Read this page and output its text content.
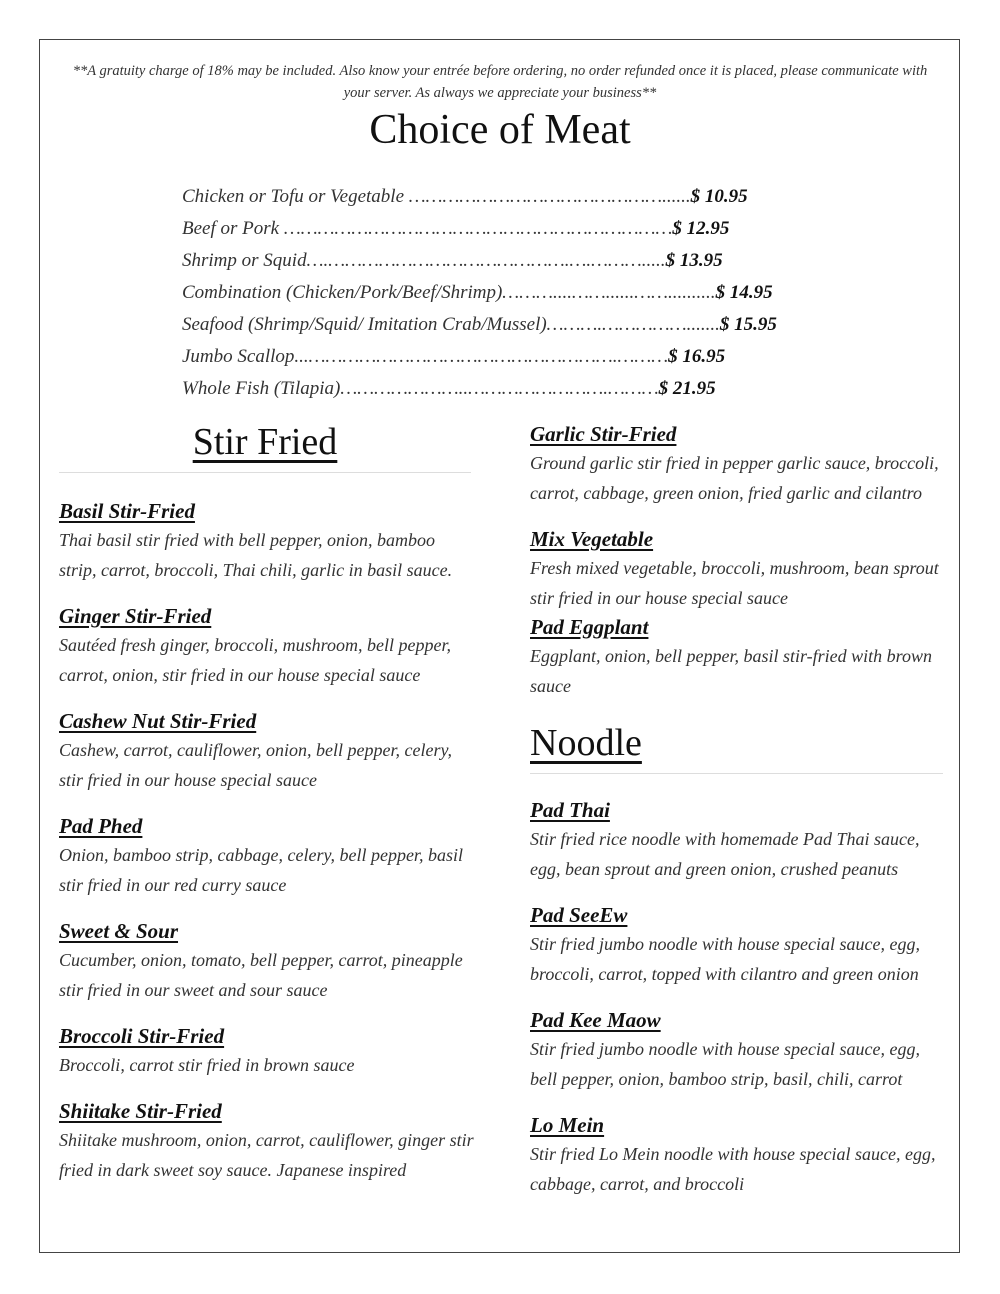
**A gratuity charge of 18% may be included. Also know your entrée before ordering, no order refunded once it is placed, please communicate with your server. As always we appreciate your business**
Choice of Meat
Chicken or Tofu or Vegetable ………………………………………......$ 10.95
Beef or Pork ……………………………………………………………$ 12.95
Shrimp or Squid….…………………………………….….……….....$ 13.95
Combination (Chicken/Pork/Beef/Shrimp)………....……......……..........$ 14.95
Seafood (Shrimp/Squid/ Imitation Crab/Mussel)……….…………….......$ 15.95
Jumbo Scallop...……………………………………………….………$ 16.95
Whole Fish (Tilapia)…………………..…………………….………$ 21.95
Stir Fried

Basil Stir-Fried

Thai basil stir fried with bell pepper, onion, bamboo strip, carrot, broccoli, Thai chili, garlic in basil sauce.

Ginger Stir-Fried

Sautéed fresh ginger, broccoli, mushroom, bell pepper, carrot, onion, stir fried in our house special sauce

Cashew Nut Stir-Fried

Cashew, carrot, cauliflower, onion, bell pepper, celery, stir fried in our house special sauce

Pad Phed

Onion, bamboo strip, cabbage, celery, bell pepper, basil stir fried in our red curry sauce

Sweet & Sour

Cucumber, onion, tomato, bell pepper, carrot, pineapple stir fried in our sweet and sour sauce

Broccoli Stir-Fried

Broccoli, carrot stir fried in brown sauce

Shiitake Stir-Fried

Shiitake mushroom, onion, carrot, cauliflower, ginger stir fried in dark sweet soy sauce. Japanese inspired

Garlic Stir-Fried

Ground garlic stir fried in pepper garlic sauce, broccoli, carrot, cabbage, green onion, fried garlic and cilantro

Mix Vegetable

Fresh mixed vegetable, broccoli, mushroom, bean sprout stir fried in our house special sauce

Pad Eggplant

Eggplant, onion, bell pepper, basil stir-fried with brown sauce

Noodle

Pad Thai

Stir fried rice noodle with homemade Pad Thai sauce, egg, bean sprout and green onion, crushed peanuts

Pad SeeEw

Stir fried jumbo noodle with house special sauce, egg, broccoli, carrot, topped with cilantro and green onion

Pad Kee Maow

Stir fried jumbo noodle with house special sauce, egg, bell pepper, onion, bamboo strip, basil, chili, carrot

Lo Mein

Stir fried Lo Mein noodle with house special sauce, egg, cabbage, carrot, and broccoli
